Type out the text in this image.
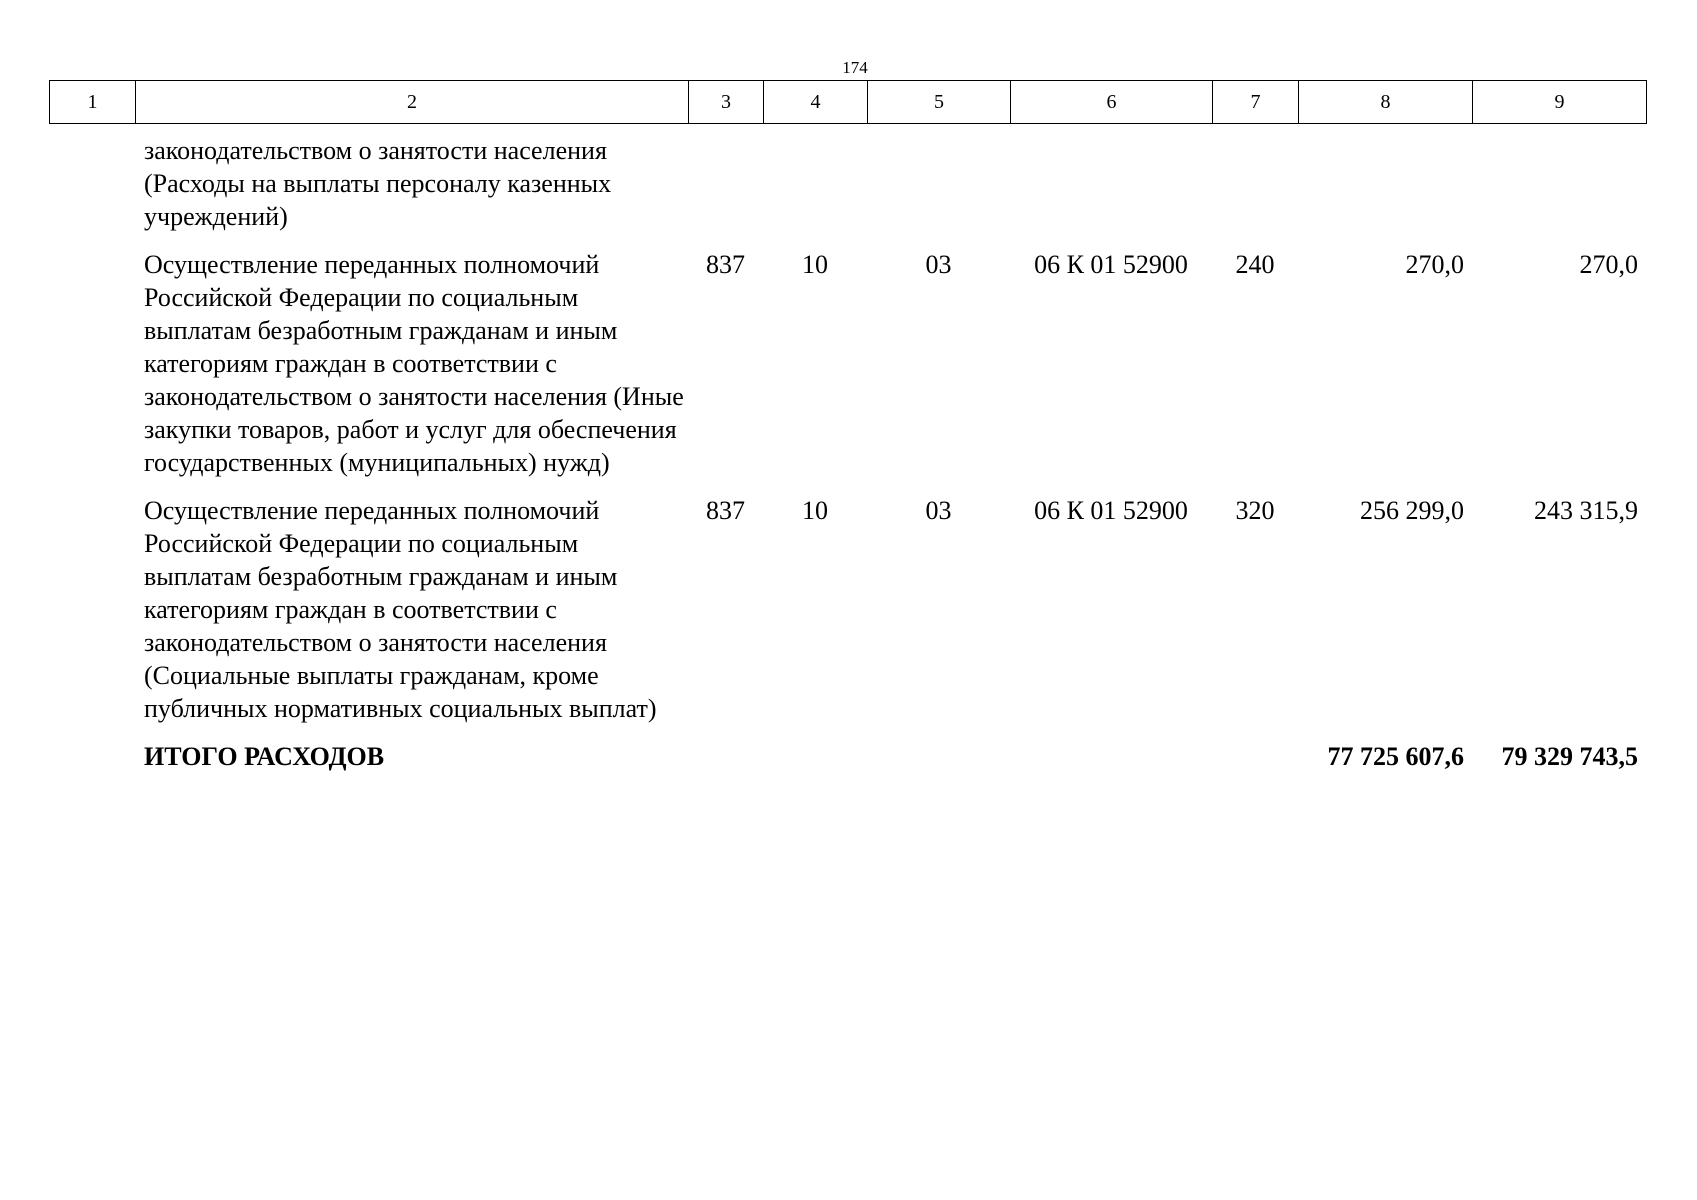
174
1	2	3	4	5	6	7	8	9
законодательством о занятости населения (Расходы на выплаты персоналу казенных учреждений)							
Осуществление переданных полномочий Российской Федерации по социальным выплатам безработным гражданам и иным категориям граждан в соответствии с законодательством о занятости населения (Иные закупки товаров, работ и услуг для обеспечения государственных (муниципальных) нужд)	837	10	03	06 К 01 52900	240	270,0	270,0
Осуществление переданных полномочий Российской Федерации по социальным выплатам безработным гражданам и иным категориям граждан в соответствии с законодательством о занятости населения (Социальные выплаты гражданам, кроме публичных нормативных социальных выплат)	837	10	03	06 К 01 52900	320	256 299,0	243 315,9
ИТОГО РАСХОДОВ						77 725 607,6	79 329 743,5
